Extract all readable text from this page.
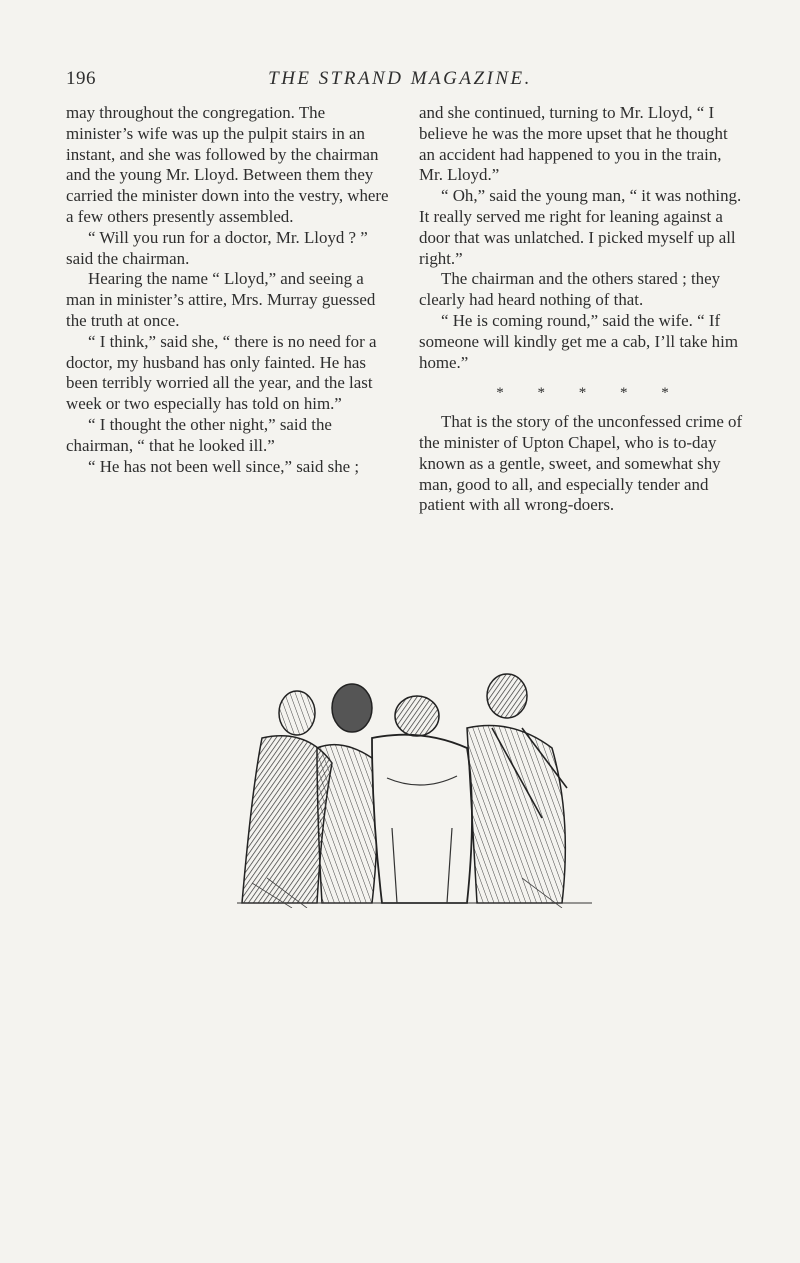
196	THE STRAND MAGAZINE.

may throughout the congregation. The minister’s wife was up the pulpit stairs in an instant, and she was followed by the chairman and the young Mr. Lloyd. Between them they carried the minister down into the vestry, where a few others presently assembled.

“ Will you run for a doctor, Mr. Lloyd ? ” said the chairman.

Hearing the name “ Lloyd,” and seeing a man in minister’s attire, Mrs. Murray guessed the truth at once.

“ I think,” said she, “ there is no need for a doctor, my husband has only fainted. He has been terribly worried all the year, and the last week or two especially has told on him.”

“ I thought the other night,” said the chairman, “ that he looked ill.”

“ He has not been well since,” said she ;

and she continued, turning to Mr. Lloyd, “ I believe he was the more upset that he thought an accident had happened to you in the train, Mr. Lloyd.”

“ Oh,” said the young man, “ it was nothing. It really served me right for leaning against a door that was unlatched. I picked myself up all right.”

The chairman and the others stared ; they clearly had heard nothing of that.

“ He is coming round,” said the wife. “ If someone will kindly get me a cab, I’ll take him home.”

* * * * *

That is the story of the unconfessed crime of the minister of Upton Chapel, who is to-day known as a gentle, sweet, and somewhat shy man, good to all, and especially tender and patient with all wrong-doers.
